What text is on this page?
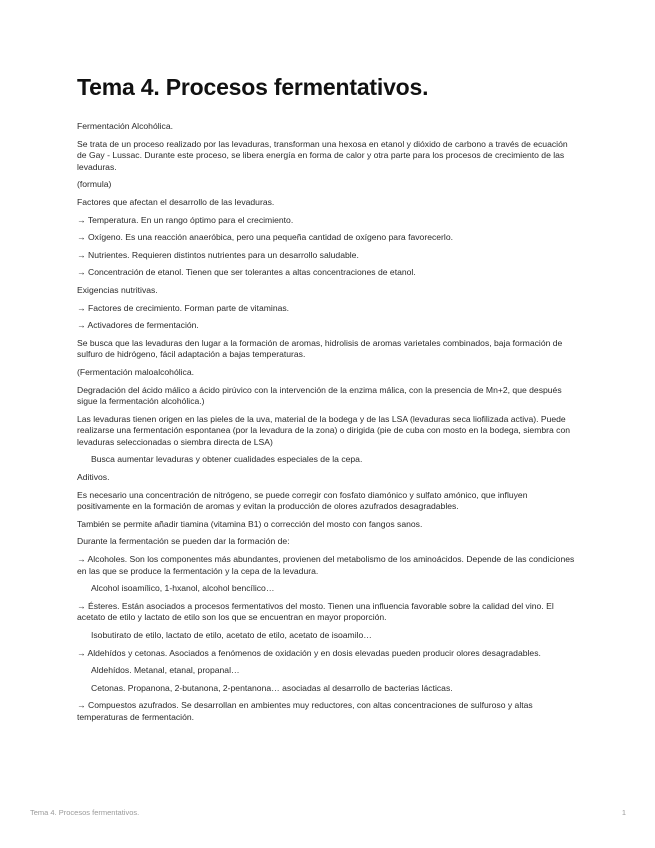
Tema 4. Procesos fermentativos.

Fermentación Alcohólica.

Se trata de un proceso realizado por las levaduras, transforman una hexosa en etanol y dióxido de carbono a través de ecuación de Gay - Lussac. Durante este proceso, se libera energía en forma de calor y otra parte para los procesos de crecimiento de las levaduras.

(formula)

Factores que afectan el desarrollo de las levaduras.

→ Temperatura. En un rango óptimo para el crecimiento.

→ Oxígeno. Es una reacción anaeróbica, pero una pequeña cantidad de oxígeno para favorecerlo.

→ Nutrientes. Requieren distintos nutrientes para un desarrollo saludable.

→ Concentración de etanol. Tienen que ser tolerantes a altas concentraciones de etanol.

Exigencias nutritivas.

→ Factores de crecimiento. Forman parte de vitaminas.

→ Activadores de fermentación.

Se busca que las levaduras den lugar a la formación de aromas, hidrolisis de aromas varietales combinados, baja formación de sulfuro de hidrógeno, fácil adaptación a bajas temperaturas.

(Fermentación maloalcohólica.

Degradación del ácido málico a ácido pirúvico con la intervención de la enzima málica, con la presencia de Mn+2, que después sigue la fermentación alcohólica.)

Las levaduras tienen origen en las pieles de la uva, material de la bodega y de las LSA (levaduras seca liofilizada activa). Puede realizarse una fermentación espontanea (por la levadura de la zona) o dirigida (pie de cuba con mosto en la bodega, siembra con levaduras seleccionadas o siembra directa de LSA)

Busca aumentar levaduras y obtener cualidades especiales de la cepa.

Aditivos.

Es necesario una concentración de nitrógeno, se puede corregir con fosfato diamónico y sulfato amónico, que influyen positivamente en la formación de aromas y evitan la producción de olores azufrados desagradables.

También se permite añadir tiamina (vitamina B1) o corrección del mosto con fangos sanos.

Durante la fermentación se pueden dar la formación de:

→ Alcoholes. Son los componentes más abundantes, provienen del metabolismo de los aminoácidos. Depende de las condiciones en las que se produce la fermentación y la cepa de la levadura.

Alcohol isoamílico, 1-hxanol, alcohol bencílico…

→ Ésteres. Están asociados a procesos fermentativos del mosto. Tienen una influencia favorable sobre la calidad del vino. El acetato de etilo y lactato de etilo son los que se encuentran en mayor proporción.

Isobutirato de etilo, lactato de etilo, acetato de etilo, acetato de isoamilo…

→ Aldehídos y cetonas. Asociados a fenómenos de oxidación y en dosis elevadas pueden producir olores desagradables.

Aldehídos. Metanal, etanal, propanal…

Cetonas. Propanona, 2-butanona, 2-pentanona… asociadas al desarrollo de bacterias lácticas.

→ Compuestos azufrados. Se desarrollan en ambientes muy reductores, con altas concentraciones de sulfuroso y altas temperaturas de fermentación.

Tema 4. Procesos fermentativos.	1
